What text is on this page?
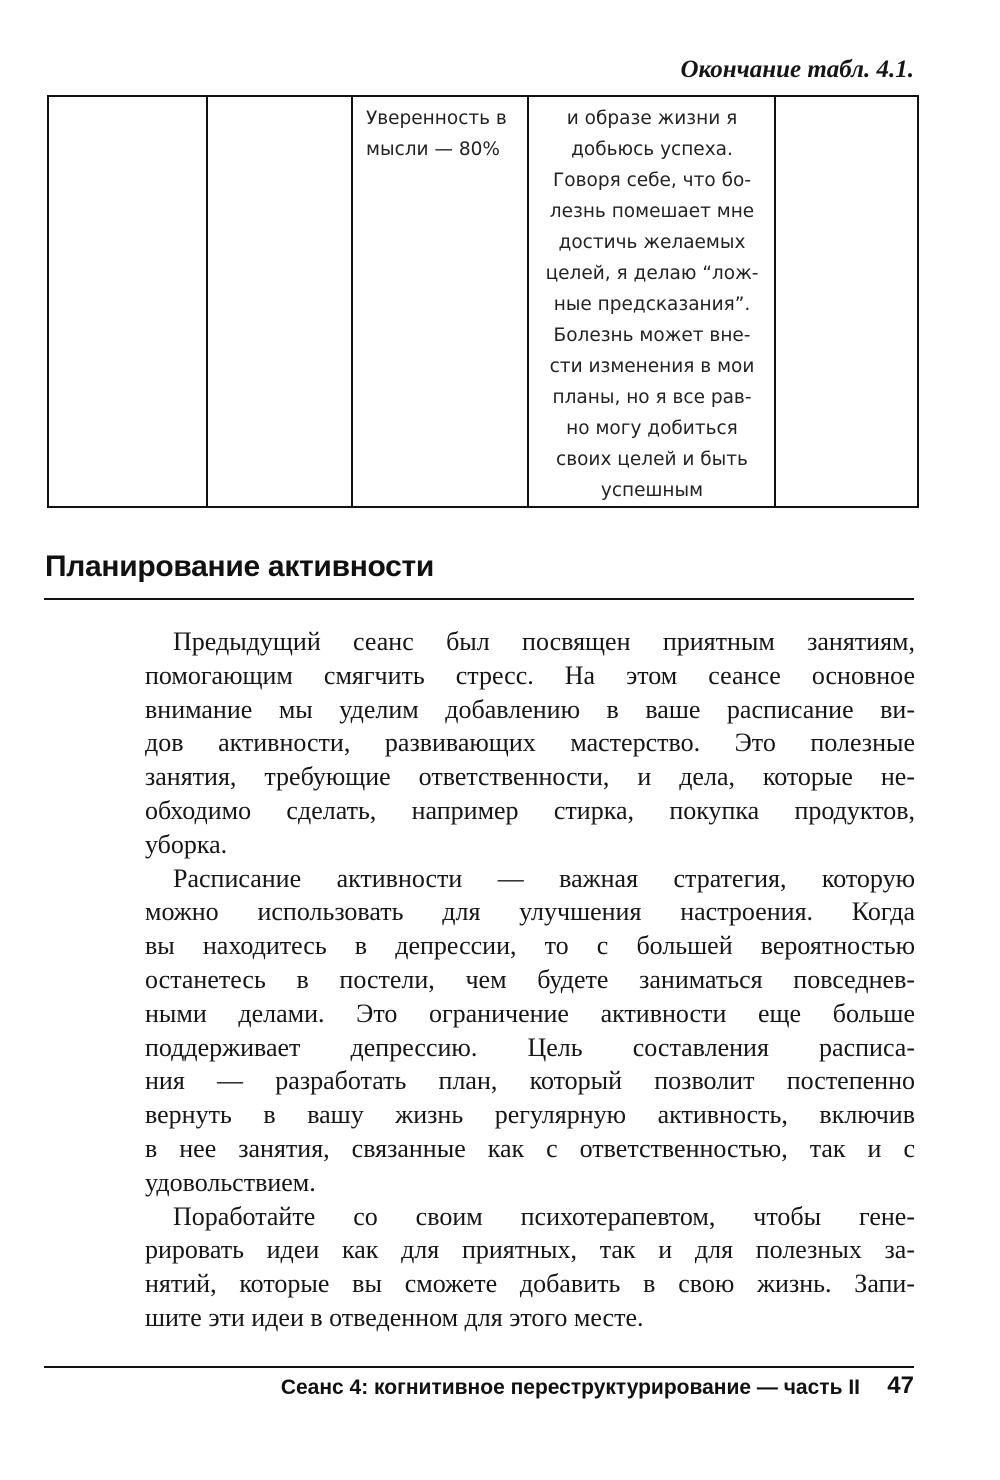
Окончание табл. 4.1.
Уверенность в
мысли — 80%
и образе жизни я
добьюсь успеха.
Говоря себе, что бо-
лезнь помешает мне
достичь желаемых
целей, я делаю “лож-
ные предсказания”.
Болезнь может вне-
сти изменения в мои
планы, но я все рав-
но могу добиться
своих целей и быть
успешным
Планирование активности

Предыдущий сеанс был посвящен приятным занятиям,
помогающим смягчить стресс. На этом сеансе основное
внимание мы уделим добавлению в ваше расписание ви-
дов активности, развивающих мастерство. Это полезные
занятия, требующие ответственности, и дела, которые не-
обходимо сделать, например стирка, покупка продуктов,
уборка.

Расписание активности — важная стратегия, которую
можно использовать для улучшения настроения. Когда
вы находитесь в депрессии, то с большей вероятностью
останетесь в постели, чем будете заниматься повседнев-
ными делами. Это ограничение активности еще больше
поддерживает депрессию. Цель составления расписа-
ния — разработать план, который позволит постепенно
вернуть в вашу жизнь регулярную активность, включив
в нее занятия, связанные как с ответственностью, так и с
удовольствием.

Поработайте со своим психотерапевтом, чтобы гене-
рировать идеи как для приятных, так и для полезных за-
нятий, которые вы сможете добавить в свою жизнь. Запи-
шите эти идеи в отведенном для этого месте.

Сеанс 4: когнитивное переструктурирование — часть II 47
